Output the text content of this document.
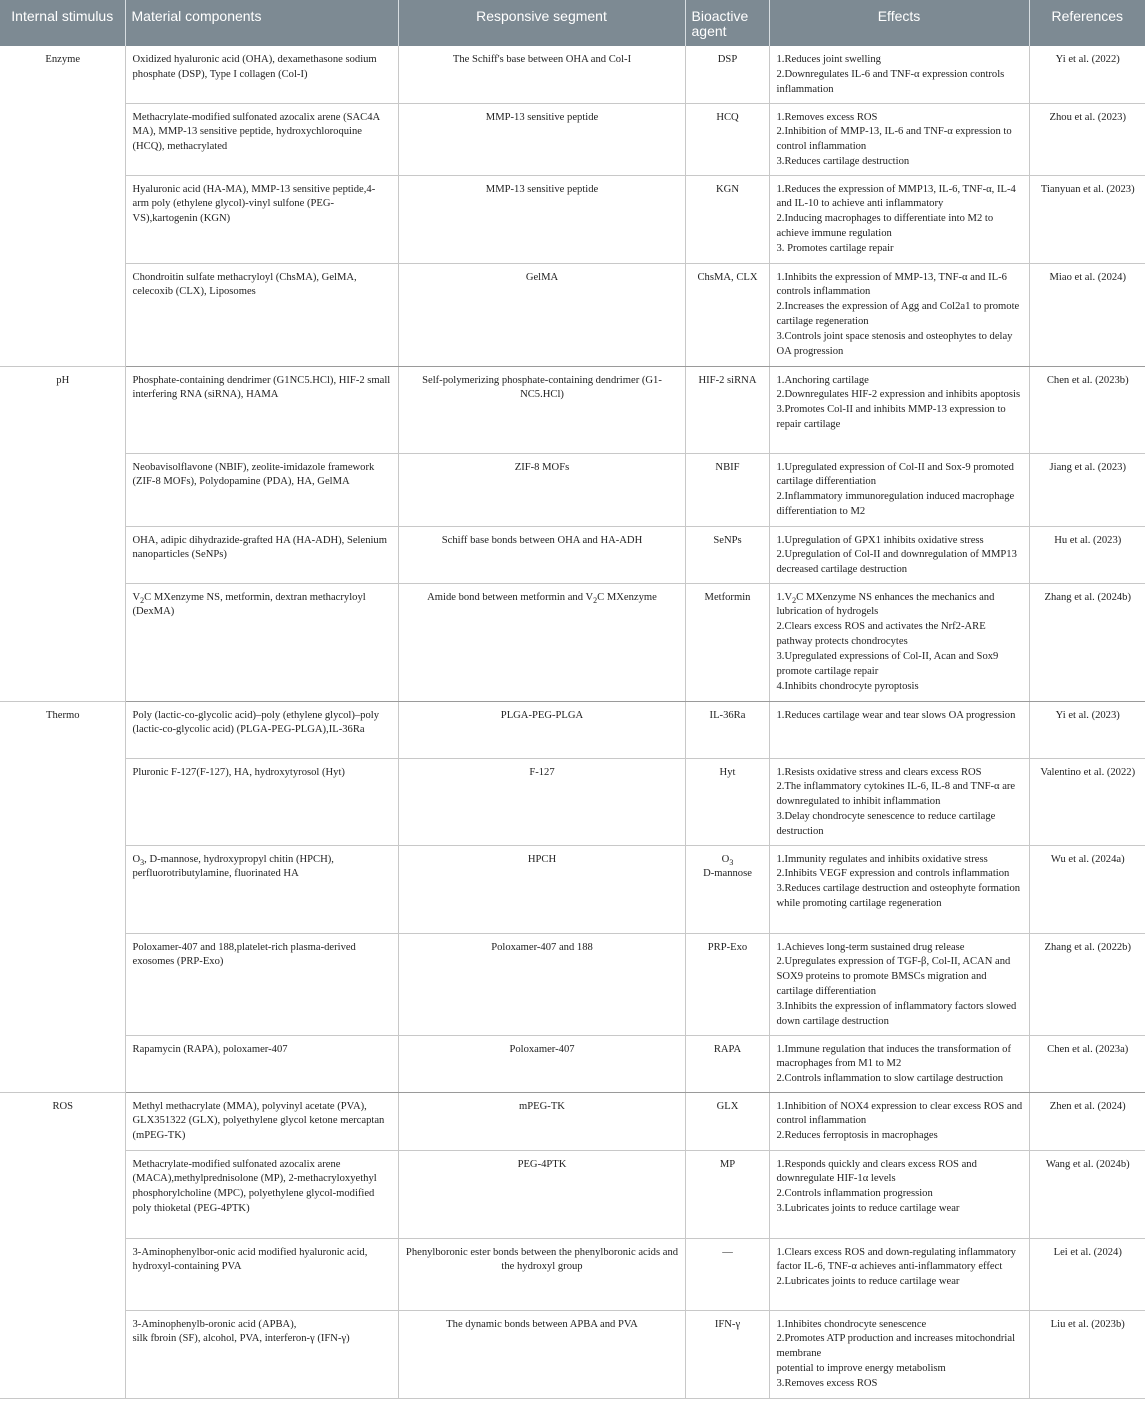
Internal stimulus	Material components	Responsive segment	Bioactive agent	Effects	References
Enzyme	Oxidized hyaluronic acid (OHA), dexamethasone sodium phosphate (DSP), Type I collagen (Col-I)	The Schiff's base between OHA and Col-I	DSP	1.Reduces joint swelling
2.Downregulates IL-6 and TNF-α expression controls inflammation	Yi et al. (2022)
	Methacrylate-modified sulfonated azocalix arene (SAC4A MA), MMP-13 sensitive peptide, hydroxychloroquine (HCQ), methacrylated	MMP-13 sensitive peptide	HCQ	1.Removes excess ROS
2.Inhibition of MMP-13, IL-6 and TNF-α expression to control inflammation
3.Reduces cartilage destruction	Zhou et al. (2023)
	Hyaluronic acid (HA-MA), MMP-13 sensitive peptide,4-arm poly (ethylene glycol)-vinyl sulfone (PEG-VS),kartogenin (KGN)	MMP-13 sensitive peptide	KGN	1.Reduces the expression of MMP13, IL-6, TNF-α, IL-4 and IL-10 to achieve anti inflammatory
2.Inducing macrophages to differentiate into M2 to achieve immune regulation
3. Promotes cartilage repair	Tianyuan et al. (2023)
	Chondroitin sulfate methacryloyl (ChsMA), GelMA, celecoxib (CLX), Liposomes	GelMA	ChsMA, CLX	1.Inhibits the expression of MMP-13, TNF-α and IL-6 controls inflammation
2.Increases the expression of Agg and Col2a1 to promote cartilage regeneration
3.Controls joint space stenosis and osteophytes to delay OA progression	Miao et al. (2024)
pH	Phosphate-containing dendrimer (G1NC5.HCl), HIF-2 small interfering RNA (siRNA), HAMA	Self-polymerizing phosphate-containing dendrimer (G1-NC5.HCl)	HIF-2 siRNA	1.Anchoring cartilage
2.Downregulates HIF-2 expression and inhibits apoptosis
3.Promotes Col-II and inhibits MMP-13 expression to repair cartilage	Chen et al. (2023b)
	Neobavisolflavone (NBIF), zeolite-imidazole framework (ZIF-8 MOFs), Polydopamine (PDA), HA, GelMA	ZIF-8 MOFs	NBIF	1.Upregulated expression of Col-II and Sox-9 promoted cartilage differentiation
2.Inflammatory immunoregulation induced macrophage differentiation to M2	Jiang et al. (2023)
	OHA, adipic dihydrazide-grafted HA (HA-ADH), Selenium nanoparticles (SeNPs)	Schiff base bonds between OHA and HA-ADH	SeNPs	1.Upregulation of GPX1 inhibits oxidative stress
2.Upregulation of Col-II and downregulation of MMP13 decreased cartilage destruction	Hu et al. (2023)
	$V_2C$ MXenzyme NS, metformin, dextran methacryloyl (DexMA)	Amide bond between metformin and $V_2C$ MXenzyme	Metformin	$1.V_2C$ MXenzyme NS enhances the mechanics and lubrication of hydrogels
2.Clears excess ROS and activates the Nrf2-ARE pathway protects chondrocytes
3.Upregulated expressions of Col-II, Acan and Sox9 promote cartilage repair
4.Inhibits chondrocyte pyroptosis	Zhang et al. (2024b)
Thermo	Poly (lactic-co-glycolic acid)–poly (ethylene glycol)–poly (lactic-co-glycolic acid) (PLGA-PEG-PLGA),IL-36Ra	PLGA-PEG-PLGA	IL-36Ra	1.Reduces cartilage wear and tear slows OA progression	Yi et al. (2023)
	Pluronic F-127(F-127), HA, hydroxytyrosol (Hyt)	F-127	Hyt	1.Resists oxidative stress and clears excess ROS
2.The inflammatory cytokines IL-6, IL-8 and TNF-α are downregulated to inhibit inflammation
3.Delay chondrocyte senescence to reduce cartilage destruction	Valentino et al. (2022)
	$O_3$, D-mannose, hydroxypropyl chitin (HPCH), perfluorotributylamine, fluorinated HA	HPCH	$O_3$
D-mannose	1.Immunity regulates and inhibits oxidative stress
2.Inhibits VEGF expression and controls inflammation
3.Reduces cartilage destruction and osteophyte formation while promoting cartilage regeneration	Wu et al. (2024a)
	Poloxamer-407 and 188,platelet-rich plasma-derived exosomes (PRP-Exo)	Poloxamer-407 and 188	PRP-Exo	1.Achieves long-term sustained drug release
2.Upregulates expression of TGF-β, Col-II, ACAN and SOX9 proteins to promote BMSCs migration and cartilage differentiation
3.Inhibits the expression of inflammatory factors slowed down cartilage destruction	Zhang et al. (2022b)
	Rapamycin (RAPA), poloxamer-407	Poloxamer-407	RAPA	1.Immune regulation that induces the transformation of macrophages from M1 to M2
2.Controls inflammation to slow cartilage destruction	Chen et al. (2023a)
ROS	Methyl methacrylate (MMA), polyvinyl acetate (PVA), GLX351322 (GLX), polyethylene glycol ketone mercaptan (mPEG-TK)	mPEG-TK	GLX	1.Inhibition of NOX4 expression to clear excess ROS and control inflammation
2.Reduces ferroptosis in macrophages	Zhen et al. (2024)
	Methacrylate-modified sulfonated azocalix arene (MACA),methylprednisolone (MP), 2-methacryloxyethyl phosphorylcholine (MPC), polyethylene glycol-modified poly thioketal (PEG-4PTK)	PEG-4PTK	MP	1.Responds quickly and clears excess ROS and downregulate HIF-1α levels
2.Controls inflammation progression
3.Lubricates joints to reduce cartilage wear	Wang et al. (2024b)
	3-Aminophenylbor-onic acid modified hyaluronic acid, hydroxyl-containing PVA	Phenylboronic ester bonds between the phenylboronic acids and the hydroxyl group	—	1.Clears excess ROS and down-regulating inflammatory factor IL-6, TNF-α achieves anti-inflammatory effect
2.Lubricates joints to reduce cartilage wear	Lei et al. (2024)

	3-Aminophenylb-oronic acid (APBA),
silk fbroin (SF), alcohol, PVA, interferon-γ (IFN-γ)	The dynamic bonds between APBA and PVA	IFN-γ	1.Inhibites chondrocyte senescence
2.Promotes ATP production and increases mitochondrial membrane
potential to improve energy metabolism
3.Removes excess ROS	Liu et al. (2023b)
